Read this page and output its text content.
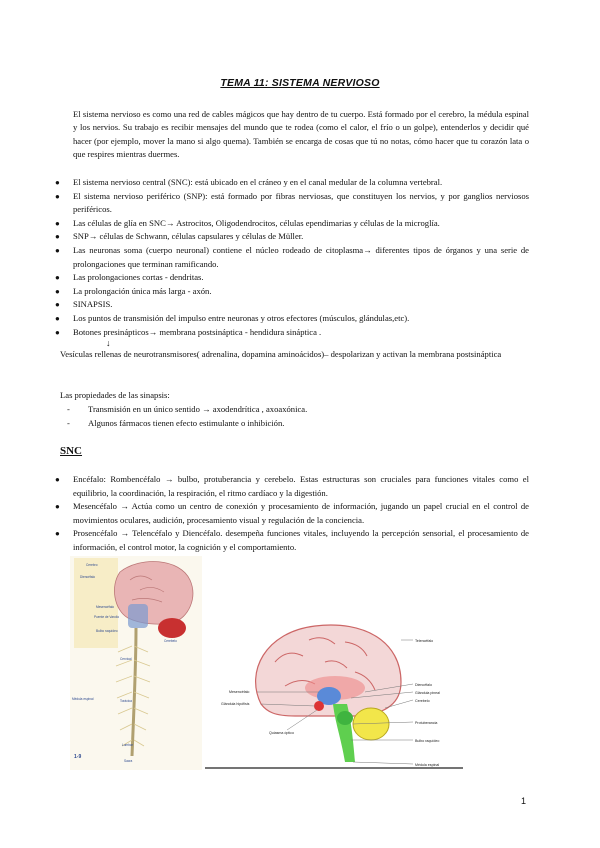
TEMA 11: SISTEMA NERVIOSO

El sistema nervioso es como una red de cables mágicos que hay dentro de tu cuerpo. Está formado por el cerebro, la médula espinal y los nervios. Su trabajo es recibir mensajes del mundo que te rodea (como el calor, el frío o un golpe), entenderlos y decidir qué hacer (por ejemplo, mover la mano si algo quema). También se encarga de cosas que tú no notas, cómo hacer que tu corazón lata o que respires mientras duermes.

● El sistema nervioso central (SNC): está ubicado en el cráneo y en el canal medular de la columna vertebral.
● El sistema nervioso periférico (SNP): está formado por fibras nerviosas, que constituyen los nervios, y por ganglios nerviosos periféricos.
● Las células de glía en SNC→ Astrocitos, Oligodendrocitos, células ependimarias y células de la microglía.
● SNP→ células de Schwann, células capsulares y células de Müller.
● Las neuronas soma (cuerpo neuronal) contiene el núcleo rodeado de citoplasma→ diferentes tipos de órganos y una serie de prolongaciones que terminan ramificando.
● Las prolongaciones cortas - dendritas.
● La prolongación única más larga - axón.
● SINAPSIS.
● Los puntos de transmisión del impulso entre neuronas y otros efectores (músculos, glándulas,etc).
● Botones presinápticos→ membrana postsináptica - hendidura sináptica .
↓

Vesículas rellenas de neurotransmisores( adrenalina, dopamina aminoácidos)– despolarizan y activan la membrana postsináptica

Las propiedades de las sinapsis:

- Transmisión en un único sentido → axodendrítica , axoaxónica.
- Algunos fármacos tienen efecto estimulante o inhibición.
SNC
● Encéfalo: Rombencéfalo → bulbo, protuberancia y cerebelo. Estas estructuras son cruciales para funciones vitales como el equilibrio, la coordinación, la respiración, el ritmo cardíaco y la digestión.
● Mesencéfalo → Actúa como un centro de conexión y procesamiento de información, jugando un papel crucial en el control de movimientos oculares, audición, procesamiento visual y regulación de la conciencia.
● Prosencéfalo → Telencéfalo y Diencéfalo. desempeña funciones vitales, incluyendo la percepción sensorial, el procesamiento de información, el control motor, la cognición y el comportamiento.
Cerebro
Diencéfalo
Mesencéfalo
Puente de Varolio
Bulbo raquídeo
Cerebelo
Cervical
Médula espinal	Torácica
Lumbar
Sacra
1-9
Telencéfalo
Diencéfalo
Glándula pineal
Cerebelo
Protuberancia
Bulbo raquídeo
Médula espinal
Mesencéfalo
Glándula hipófisis
Quiasma óptico
1
